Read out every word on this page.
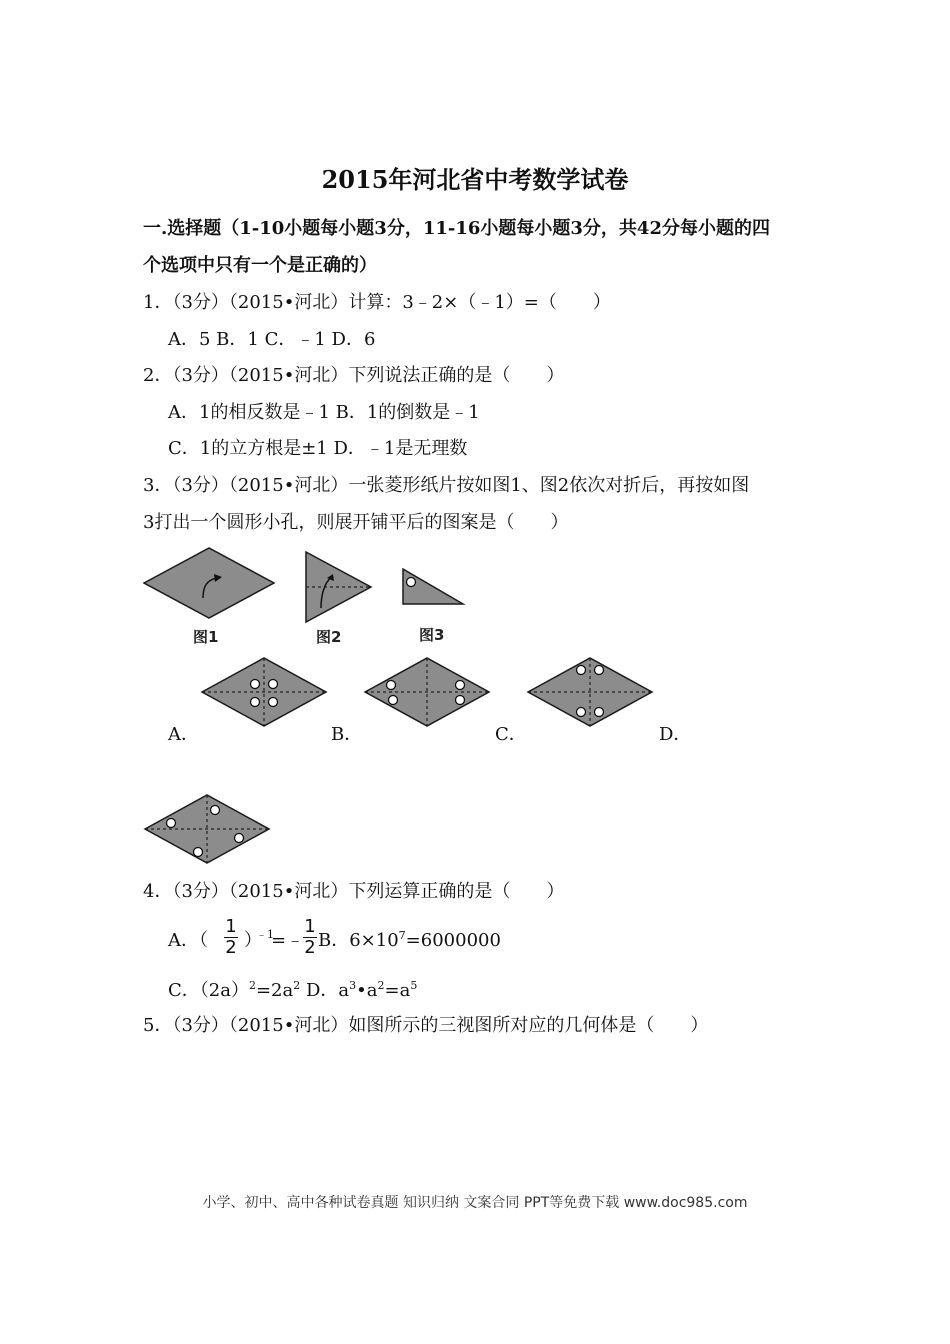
2015年河北省中考数学试卷
一.选择题（1-10小题每小题3分，11-16小题每小题3分，共42分每小题的四
个选项中只有一个是正确的）
1．（3分）（2015•河北）计算：3﹣2×（﹣1）=（　　）
A．5 B．1 C．﹣1 D．6
2．（3分）（2015•河北）下列说法正确的是（　　）
A．1的相反数是﹣1 B．1的倒数是﹣1
C．1的立方根是±1 D．﹣1是无理数
3．（3分）（2015•河北）一张菱形纸片按如图1、图2依次对折后，再按如图
3打出一个圆形小孔，则展开铺平后的图案是（　　）
图1	图2	图3
A．	B．	C．	D．
4．（3分）（2015•河北）下列运算正确的是（　　）
A．（
1
2 ）
﹣1
=﹣
1
2 B．$6\times 10^7=6000000$
C．$(2a)^2=2a^2$ D．$a^3•a^2=a^5$
5．（3分）（2015•河北）如图所示的三视图所对应的几何体是（　　）
小学、初中、高中各种试卷真题 知识归纳 文案合同 PPT等免费下载 www.doc985.com
